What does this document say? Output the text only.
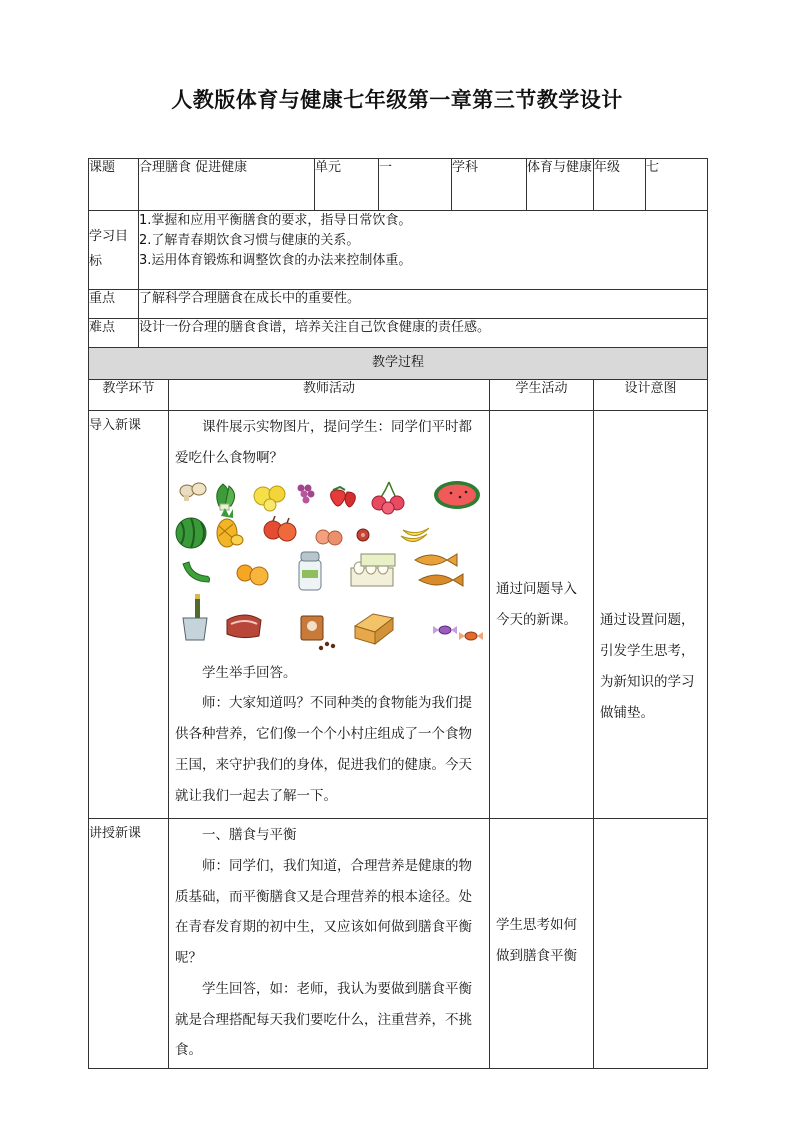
人教版体育与健康七年级第一章第三节教学设计
课题	合理膳食 促进健康		单元	一	学科		体育与健康	年级	七
学习目标	1.掌握和应用平衡膳食的要求，指导日常饮食。
2.了解青春期饮食习惯与健康的关系。
3.运用体育锻炼和调整饮食的办法来控制体重。								

重点	了解科学合理膳食在成长中的重要性。								
难点	设计一份合理的膳食食谱，培养关注自己饮食健康的责任感。								
教学过程									
教学环节		教师活动				学生活动		设计意图	
导入新课		课件展示实物图片，提问学生：同学们平时都爱吃什么食物啊？

学生举手回答。

师：大家知道吗？不同种类的食物能为我们提供各种营养，它们像一个个小村庄组成了一个食物王国，来守护我们的身体，促进我们的健康。今天就让我们一起去了解一下。				通过问题导入今天的新课。		通过设置问题，引发学生思考，为新知识的学习做铺垫。	

讲授新课		一、膳食与平衡

师：同学们，我们知道，合理营养是健康的物质基础，而平衡膳食又是合理营养的根本途径。处在青春发育期的初中生，又应该如何做到膳食平衡呢？

学生回答，如：老师，我认为要做到膳食平衡就是合理搭配每天我们要吃什么，注重营养，不挑食。				学生思考如何做到膳食平衡			
